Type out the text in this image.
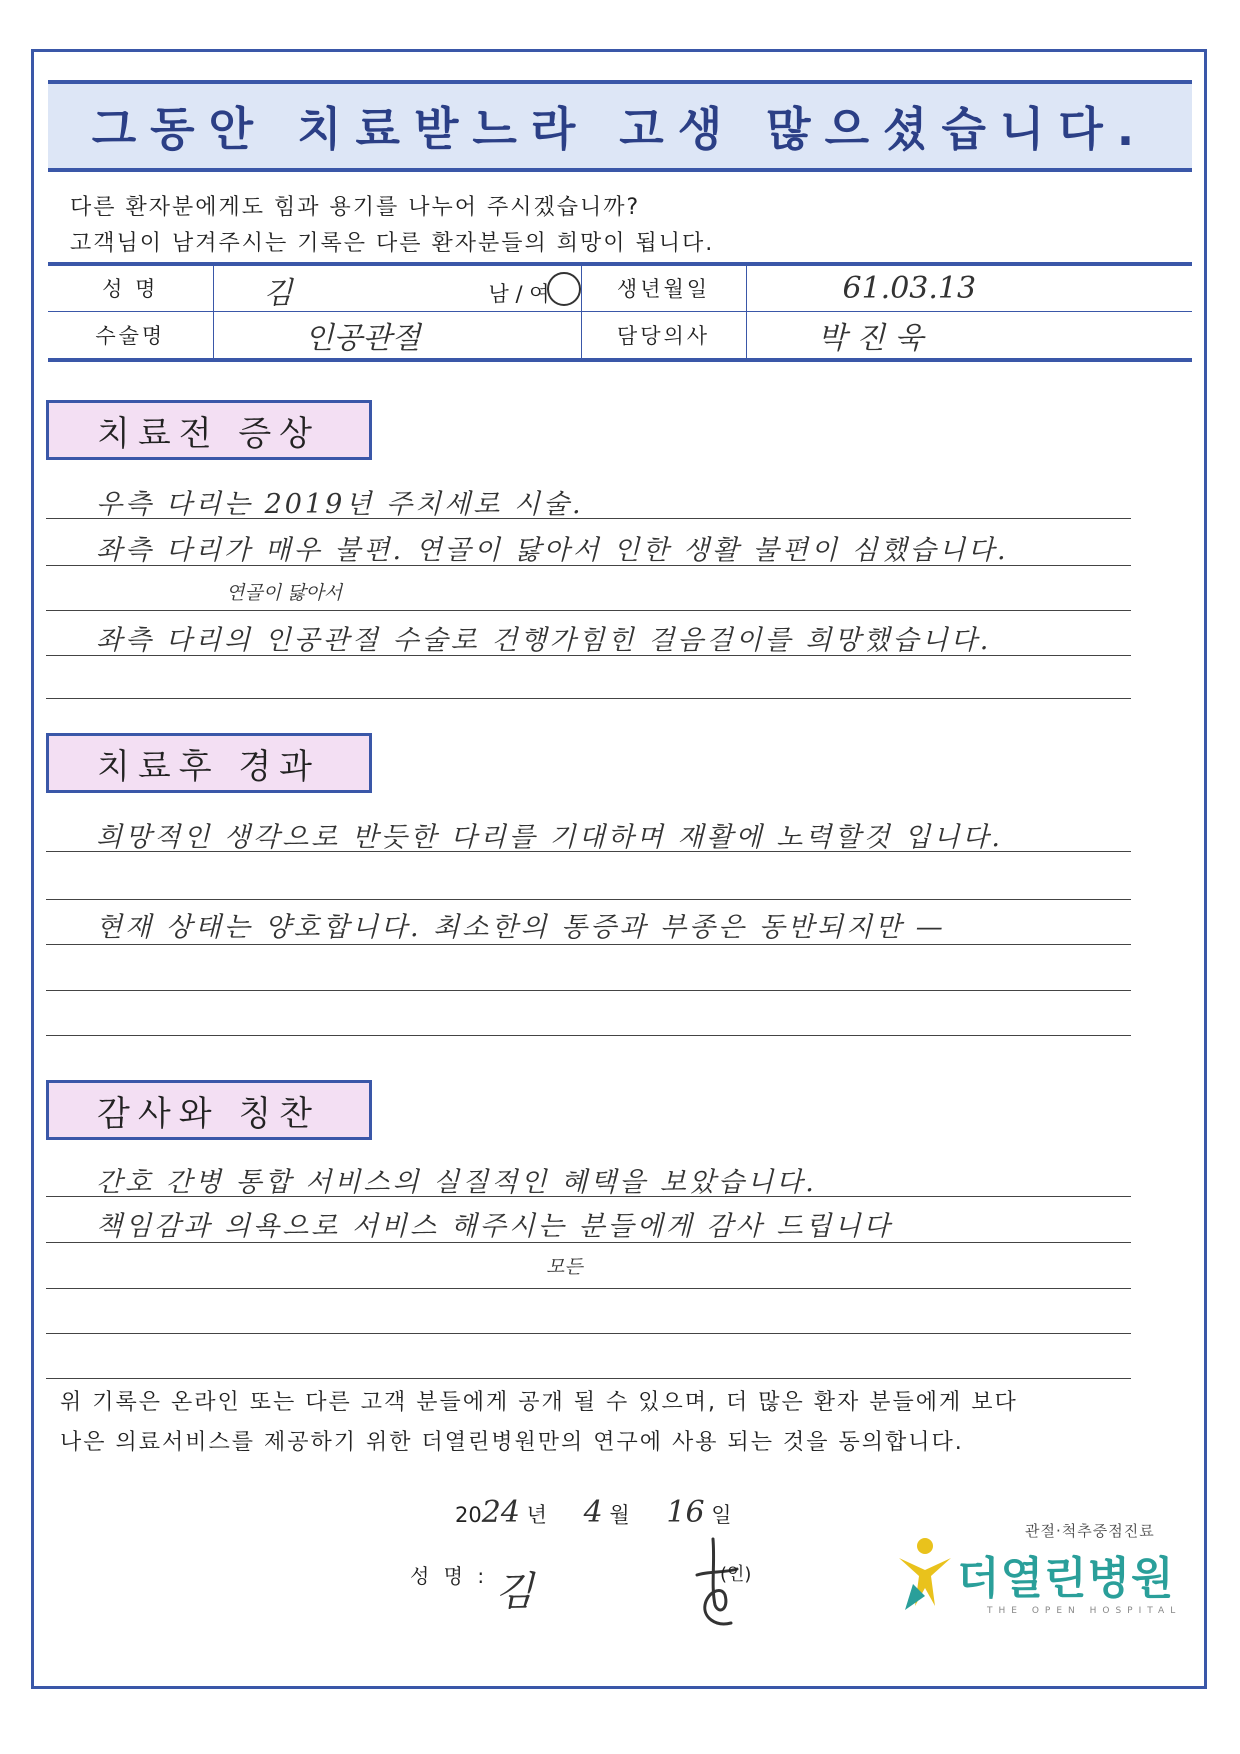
그동안 치료받느라 고생 많으셨습니다.
다른 환자분에게도 힘과 용기를 나누어 주시겠습니까?
고객님이 남겨주시는 기록은 다른 환자분들의 희망이 됩니다.
성 명	김 남 / 여	생년월일	61.03.13
수술명	인공관절	담당의사	박 진 욱
치료전 증상
우측 다리는 2019년 주치세로 시술.
좌측 다리가 매우 불편. 연골이 닳아서 인한 생활 불편이 심했습니다.
연골이 닳아서
좌측 다리의 인공관절 수술로 건행가힘힌 걸음걸이를 희망했습니다.
치료후 경과
희망적인 생각으로 반듯한 다리를 기대하며 재활에 노력할것 입니다.
현재 상태는 양호합니다. 최소한의 통증과 부종은 동반되지만 —
감사와 칭찬
간호 간병 통합 서비스의 실질적인 혜택을 보았습니다.
책임감과 의욕으로 서비스 해주시는 분들에게 감사 드립니다
모든
위 기록은 온라인 또는 다른 고객 분들에게 공개 될 수 있으며, 더 많은 환자 분들에게 보다
나은 의료서비스를 제공하기 위한 더열린병원만의 연구에 사용 되는 것을 동의합니다.
2024 년 4 월 16 일
성 명 : 김	(인)
관절·척추중점진료
더열린병원
THE OPEN HOSPITAL
